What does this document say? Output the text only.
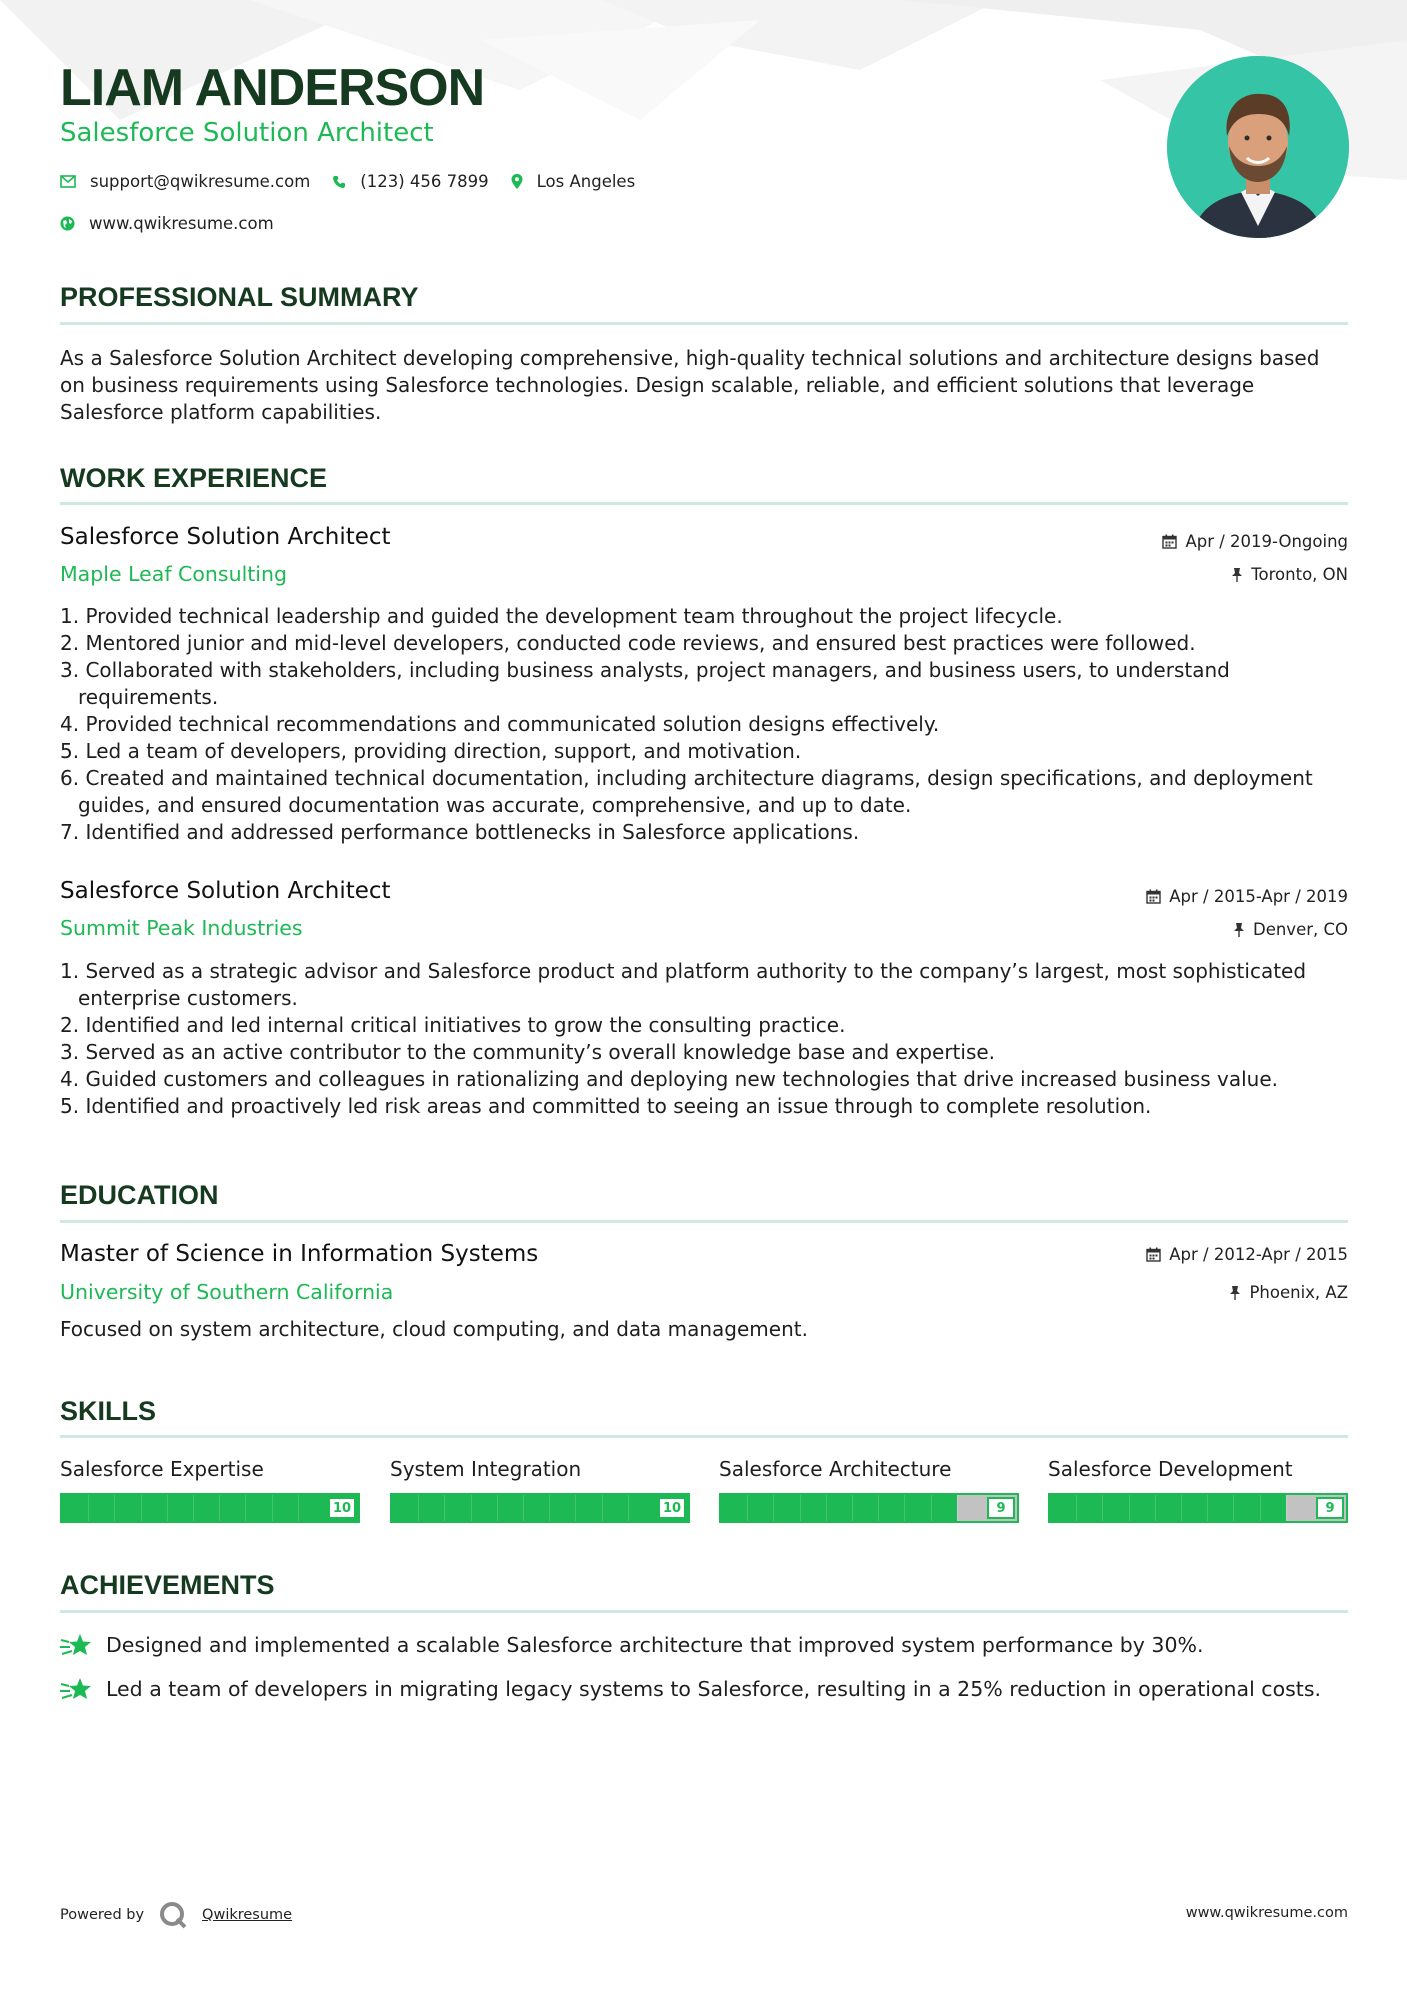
LIAM ANDERSON
Salesforce Solution Architect
support@qwikresume.com	(123) 456 7899	Los Angeles
www.qwikresume.com
PROFESSIONAL SUMMARY
As a Salesforce Solution Architect developing comprehensive, high-quality technical solutions and architecture designs based on business requirements using Salesforce technologies. Design scalable, reliable, and efficient solutions that leverage Salesforce platform capabilities.
WORK EXPERIENCE
Salesforce Solution Architect
Maple Leaf Consulting
Apr / 2019-Ongoing
Toronto, ON
Provided technical leadership and guided the development team throughout the project lifecycle.
Mentored junior and mid-level developers, conducted code reviews, and ensured best practices were followed.
Collaborated with stakeholders, including business analysts, project managers, and business users, to understand requirements.
Provided technical recommendations and communicated solution designs effectively.
Led a team of developers, providing direction, support, and motivation.
Created and maintained technical documentation, including architecture diagrams, design specifications, and deployment guides, and ensured documentation was accurate, comprehensive, and up to date.
Identified and addressed performance bottlenecks in Salesforce applications.
Salesforce Solution Architect
Summit Peak Industries
Apr / 2015-Apr / 2019
Denver, CO
Served as a strategic advisor and Salesforce product and platform authority to the company’s largest, most sophisticated enterprise customers.
Identified and led internal critical initiatives to grow the consulting practice.
Served as an active contributor to the community’s overall knowledge base and expertise.
Guided customers and colleagues in rationalizing and deploying new technologies that drive increased business value.
Identified and proactively led risk areas and committed to seeing an issue through to complete resolution.
EDUCATION
Master of Science in Information Systems
University of Southern California
Apr / 2012-Apr / 2015
Phoenix, AZ
Focused on system architecture, cloud computing, and data management.
SKILLS
Salesforce Expertise
10
System Integration
10
Salesforce Architecture
9
Salesforce Development
9
ACHIEVEMENTS
Designed and implemented a scalable Salesforce architecture that improved system performance by 30%.
Led a team of developers in migrating legacy systems to Salesforce, resulting in a 25% reduction in operational costs.
Powered by	Qwikresume	www.qwikresume.com
